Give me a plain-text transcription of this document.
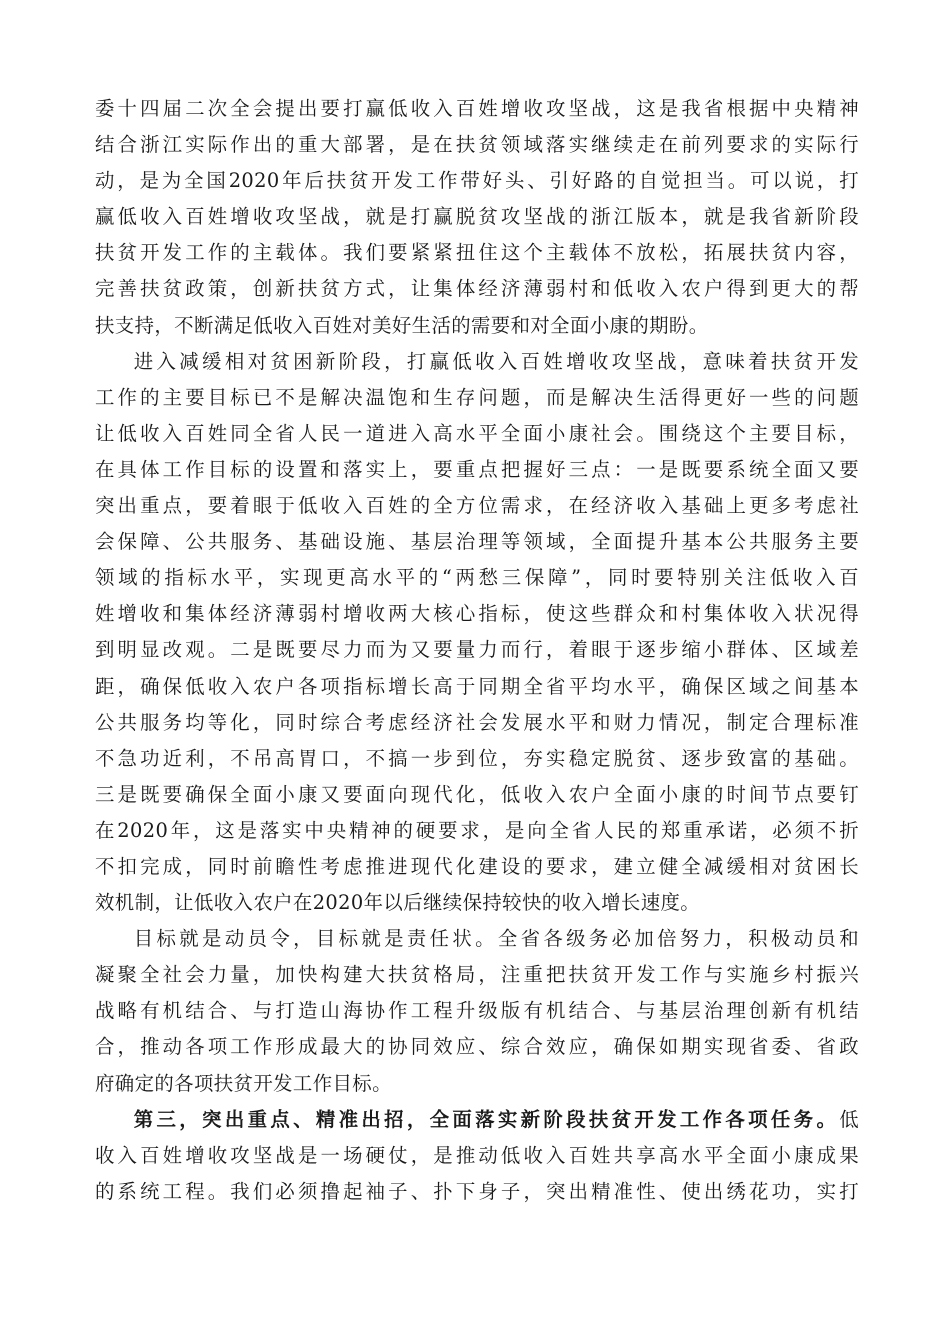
委十四届二次全会提出要打赢低收入百姓增收攻坚战，这是我省根据中央精神
结合浙江实际作出的重大部署，是在扶贫领域落实继续走在前列要求的实际行
动，是为全国2020年后扶贫开发工作带好头、引好路的自觉担当。可以说，打
赢低收入百姓增收攻坚战，就是打赢脱贫攻坚战的浙江版本，就是我省新阶段
扶贫开发工作的主载体。我们要紧紧扭住这个主载体不放松，拓展扶贫内容，
完善扶贫政策，创新扶贫方式，让集体经济薄弱村和低收入农户得到更大的帮
扶支持，不断满足低收入百姓对美好生活的需要和对全面小康的期盼。
进入减缓相对贫困新阶段，打赢低收入百姓增收攻坚战，意味着扶贫开发
工作的主要目标已不是解决温饱和生存问题，而是解决生活得更好一些的问题
让低收入百姓同全省人民一道进入高水平全面小康社会。围绕这个主要目标，
在具体工作目标的设置和落实上，要重点把握好三点：一是既要系统全面又要
突出重点，要着眼于低收入百姓的全方位需求，在经济收入基础上更多考虑社
会保障、公共服务、基础设施、基层治理等领域，全面提升基本公共服务主要
领域的指标水平，实现更高水平的“两愁三保障”，同时要特别关注低收入百
姓增收和集体经济薄弱村增收两大核心指标，使这些群众和村集体收入状况得
到明显改观。二是既要尽力而为又要量力而行，着眼于逐步缩小群体、区域差
距，确保低收入农户各项指标增长高于同期全省平均水平，确保区域之间基本
公共服务均等化，同时综合考虑经济社会发展水平和财力情况，制定合理标准
不急功近利，不吊高胃口，不搞一步到位，夯实稳定脱贫、逐步致富的基础。
三是既要确保全面小康又要面向现代化，低收入农户全面小康的时间节点要钉
在2020年，这是落实中央精神的硬要求，是向全省人民的郑重承诺，必须不折
不扣完成，同时前瞻性考虑推进现代化建设的要求，建立健全减缓相对贫困长
效机制，让低收入农户在2020年以后继续保持较快的收入增长速度。
目标就是动员令，目标就是责任状。全省各级务必加倍努力，积极动员和
凝聚全社会力量，加快构建大扶贫格局，注重把扶贫开发工作与实施乡村振兴
战略有机结合、与打造山海协作工程升级版有机结合、与基层治理创新有机结
合，推动各项工作形成最大的协同效应、综合效应，确保如期实现省委、省政
府确定的各项扶贫开发工作目标。
第三，突出重点、精准出招，全面落实新阶段扶贫开发工作各项任务。低
收入百姓增收攻坚战是一场硬仗，是推动低收入百姓共享高水平全面小康成果
的系统工程。我们必须撸起袖子、扑下身子，突出精准性、使出绣花功，实打
